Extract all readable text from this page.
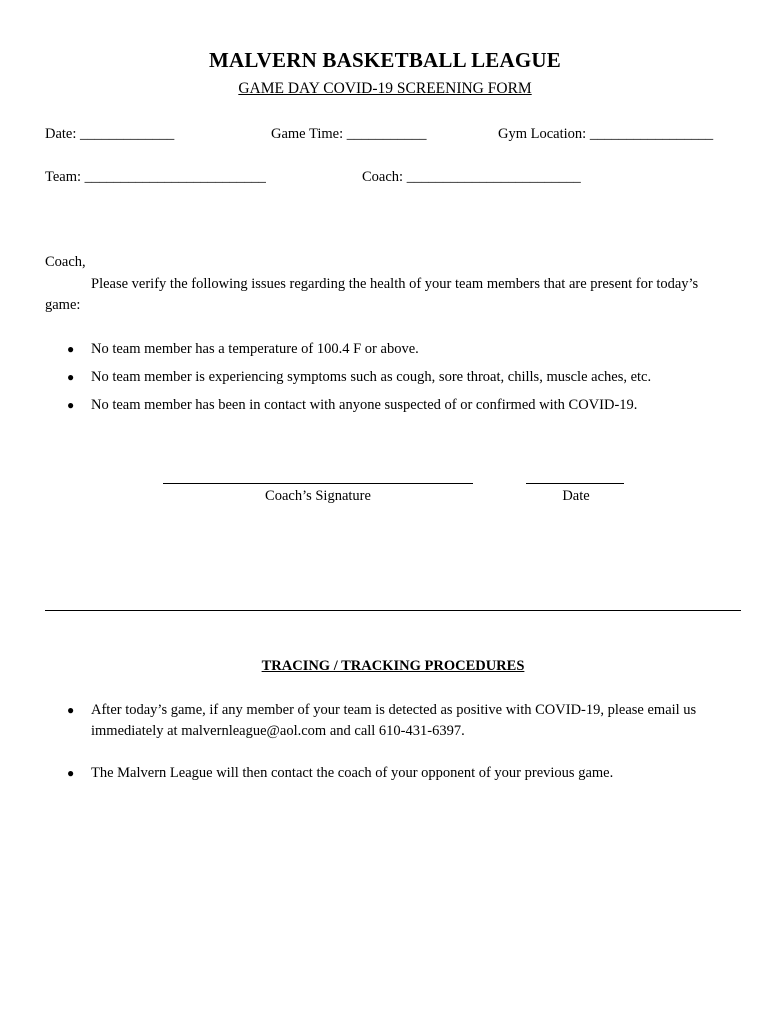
MALVERN BASKETBALL LEAGUE
GAME DAY COVID-19 SCREENING FORM
Date: _____________	Game Time: ___________	Gym Location: _________________
Team: _________________________	Coach: ________________________
Coach,
Please verify the following issues regarding the health of your team members that are present for today’s game:
● No team member has a temperature of 100.4 F or above.
● No team member is experiencing symptoms such as cough, sore throat, chills, muscle aches, etc.
● No team member has been in contact with anyone suspected of or confirmed with COVID-19.
Coach’s Signature	Date
TRACING / TRACKING PROCEDURES
● After today’s game, if any member of your team is detected as positive with COVID-19, please email us immediately at malvernleague@aol.com and call 610-431-6397.
● The Malvern League will then contact the coach of your opponent of your previous game.
